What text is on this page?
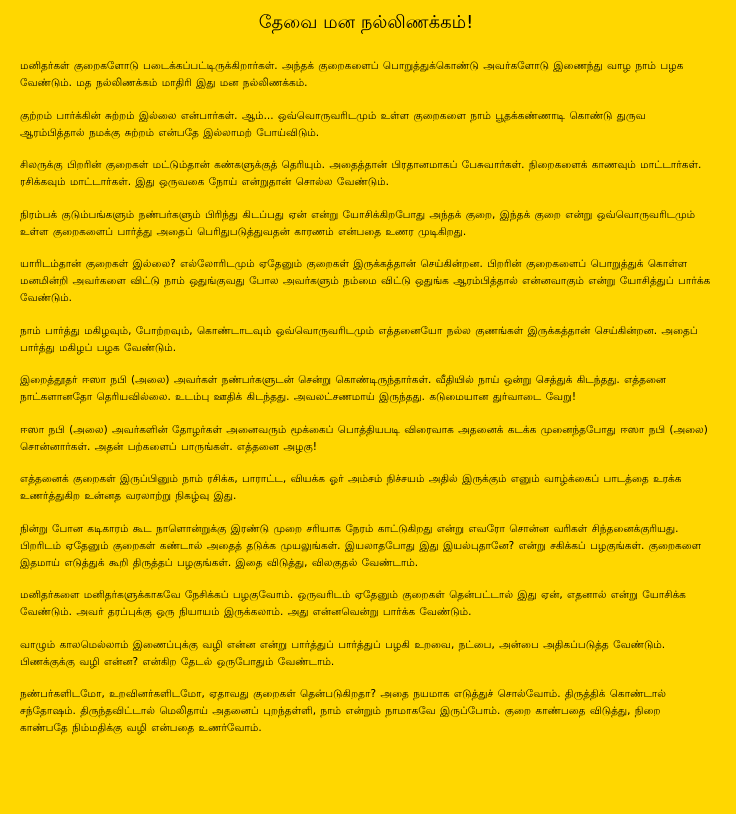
தேவை மன நல்லிணக்கம்!

மனிதர்கள் குறைகளோடு படைக்கப்பட்டிருக்கிறார்கள். அந்தக் குறைகளைப் பொறுத்துக்கொண்டு அவர்களோடு இணைந்து வாழ நாம் பழக வேண்டும். மத நல்லிணக்கம் மாதிரி இது மன நல்லிணக்கம்.

குற்றம் பார்க்கின் சுற்றம் இல்லை என்பார்கள். ஆம்... ஒவ்வொருவரிடமும் உள்ள குறைகளை நாம் பூதக்கண்ணாடி கொண்டு துருவ ஆரம்பித்தால் நமக்கு சுற்றம் என்பதே இல்லாமற் போய்விடும்.

சிலருக்கு பிறரின் குறைகள் மட்டும்தான் கண்களுக்குத் தெரியும். அதைத்தான் பிரதானமாகப் பேசுவார்கள். நிறைகளைக் காணவும் மாட்டார்கள். ரசிக்கவும் மாட்டார்கள். இது ஒருவகை நோய் என்றுதான் சொல்ல வேண்டும்.

நிரம்பக் குடும்பங்களும் நண்பர்களும் பிரிந்து கிடப்பது ஏன் என்று யோசிக்கிறபோது அந்தக் குறை, இந்தக் குறை என்று ஒவ்வொருவரிடமும் உள்ள குறைகளைப் பார்த்து அதைப் பெரிதுபடுத்துவதன் காரணம் என்பதை உணர முடிகிறது.

யாரிடம்தான் குறைகள் இல்லை? எல்லோரிடமும் ஏதேனும் குறைகள் இருக்கத்தான் செய்கின்றன. பிறரின் குறைகளைப் பொறுத்துக் கொள்ள மனமின்றி அவர்களை விட்டு நாம் ஒதுங்குவது போல அவர்களும் நம்மை விட்டு ஒதுங்க ஆரம்பித்தால் என்னவாகும் என்று யோசித்துப் பார்க்க வேண்டும்.

நாம் பார்த்து மகிழவும், போற்றவும், கொண்டாடவும் ஒவ்வொருவரிடமும் எத்தனையோ நல்ல குணங்கள் இருக்கத்தான் செய்கின்றன. அதைப் பார்த்து மகிழப் பழக வேண்டும்.

இறைத்தூதர் ஈஸா நபி (அலை) அவர்கள் நண்பர்களுடன் சென்று கொண்டிருந்தார்கள். வீதியில் நாய் ஒன்று செத்துக் கிடந்தது. எத்தனை நாட்களானதோ தெரியவில்லை. உடம்பு ஊதிக் கிடந்தது. அவலட்சணமாய் இருந்தது. கடுமையான துர்வாடை வேறு!

ஈஸா நபி (அலை) அவர்களின் தோழர்கள் அனைவரும் மூக்கைப் பொத்தியபடி விரைவாக அதனைக் கடக்க முனைந்தபோது ஈஸா நபி (அலை) சொன்னார்கள். அதன் பற்களைப் பாருங்கள். எத்தனை அழகு!

எத்தனைக் குறைகள் இருப்பினும் நாம் ரசிக்க, பாராட்ட, வியக்க ஓர் அம்சம் நிச்சயம் அதில் இருக்கும் எனும் வாழ்க்கைப் பாடத்தை உரக்க உணர்த்துகிற உன்னத வரலாற்று நிகழ்வு இது.

நின்று போன கடிகாரம் கூட நாளொன்றுக்கு இரண்டு முறை சரியாக நேரம் காட்டுகிறது என்று எவரோ சொன்ன வரிகள் சிந்தனைக்குரியது. பிறரிடம் ஏதேனும் குறைகள் கண்டால் அதைத் தடுக்க முயலுங்கள். இயலாதபோது இது இயல்புதானே? என்று சகிக்கப் பழகுங்கள். குறைகளை இதமாய் எடுத்துக் கூறி திருத்தப் பழகுங்கள். இதை விடுத்து, விலகுதல் வேண்டாம்.

மனிதர்களை மனிதர்களுக்காகவே நேசிக்கப் பழகுவோம். ஒருவரிடம் ஏதேனும் குறைகள் தென்பட்டால் இது ஏன், எதனால் என்று யோசிக்க வேண்டும். அவர் தரப்புக்கு ஒரு நியாயம் இருக்கலாம். அது என்னவென்று பார்க்க வேண்டும்.

வாழும் காலமெல்லாம் இணைப்புக்கு வழி என்ன என்று பார்த்துப் பார்த்துப் பழகி உறவை, நட்பை, அன்பை அதிகப்படுத்த வேண்டும். பிணக்குக்கு வழி என்ன? என்கிற தேடல் ஒருபோதும் வேண்டாம்.

நண்பர்களிடமோ, உறவினர்களிடமோ, ஏதாவது குறைகள் தென்படுகிறதா? அதை நயமாக எடுத்துச் சொல்வோம். திருத்திக் கொண்டால் சந்தோஷம். திருந்தவிட்டால் மெலிதாய் அதனைப் புறந்தள்ளி, நாம் என்றும் நாமாகவே இருப்போம். குறை காண்பதை விடுத்து, நிறை காண்பதே நிம்மதிக்கு வழி என்பதை உணர்வோம்.
